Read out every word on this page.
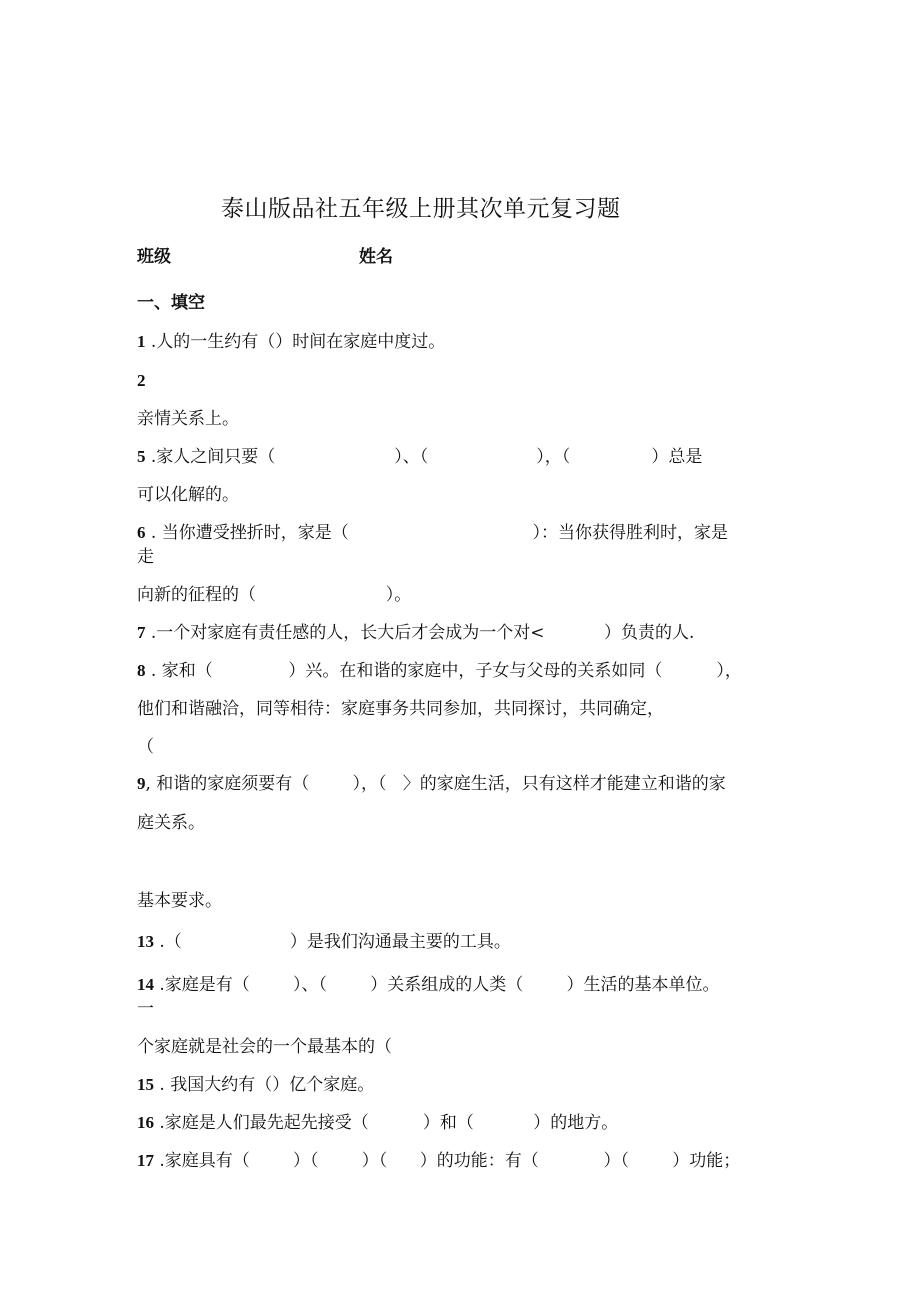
泰山版品社五年级上册其次单元复习题
班级	姓名
一、填空
1 .人的一生约有（）时间在家庭中度过。
2
亲情关系上。
5 .家人之间只要（                      ）、（                    ），（               ）总是
可以化解的。
6 . 当你遭受挫折时，家是（                                  ）：当你获得胜利时，家是
走
向新的征程的（                        ）。
7 .一个对家庭有责任感的人，长大后才会成为一个对<           ）负责的人.
8 . 家和（              ）兴。在和谐的家庭中，子女与父母的关系如同（          ），
他们和谐融洽，同等相待：家庭事务共同参加，共同探讨，共同确定，
（
9, 和谐的家庭须要有（        ），（   〉的家庭生活，只有这样才能建立和谐的家
庭关系。
基本要求。
13 .（                    ）是我们沟通最主要的工具。
14 .家庭是有（        ）、（        ）关系组成的人类（        ）生活的基本单位。
一
个家庭就是社会的一个最基本的（
15 . 我国大约有（）亿个家庭。
16 .家庭是人们最先起先接受（          ）和（           ）的地方。
17 .家庭具有（        ）（        ）（      ）的功能：有（            ）（        ）功能；
